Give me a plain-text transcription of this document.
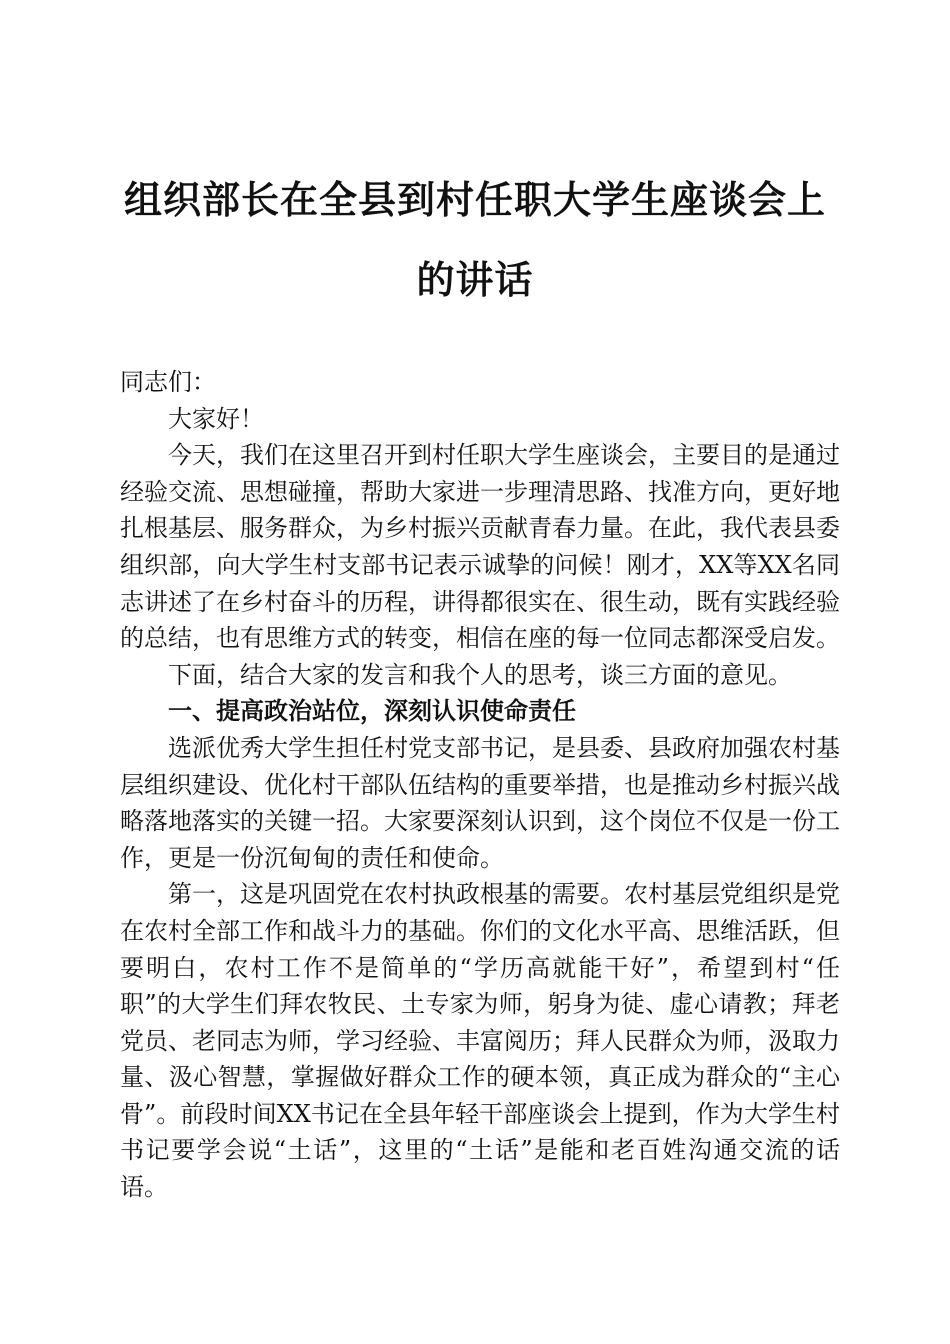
组织部长在全县到村任职大学生座谈会上的讲话

同志们：

大家好！

今天，我们在这里召开到村任职大学生座谈会，主要目的是通过经验交流、思想碰撞，帮助大家进一步理清思路、找准方向，更好地扎根基层、服务群众，为乡村振兴贡献青春力量。在此，我代表县委组织部，向大学生村支部书记表示诚挚的问候！刚才，XX等XX名同志讲述了在乡村奋斗的历程，讲得都很实在、很生动，既有实践经验的总结，也有思维方式的转变，相信在座的每一位同志都深受启发。

下面，结合大家的发言和我个人的思考，谈三方面的意见。

一、提高政治站位，深刻认识使命责任

选派优秀大学生担任村党支部书记，是县委、县政府加强农村基层组织建设、优化村干部队伍结构的重要举措，也是推动乡村振兴战略落地落实的关键一招。大家要深刻认识到，这个岗位不仅是一份工作，更是一份沉甸甸的责任和使命。

第一，这是巩固党在农村执政根基的需要。农村基层党组织是党在农村全部工作和战斗力的基础。你们的文化水平高、思维活跃，但要明白，农村工作不是简单的“学历高就能干好”，希望到村“任职”的大学生们拜农牧民、土专家为师，躬身为徒、虚心请教；拜老党员、老同志为师，学习经验、丰富阅历；拜人民群众为师，汲取力量、汲心智慧，掌握做好群众工作的硬本领，真正成为群众的“主心骨”。前段时间XX书记在全县年轻干部座谈会上提到，作为大学生村书记要学会说“土话”，这里的“土话”是能和老百姓沟通交流的话语。
